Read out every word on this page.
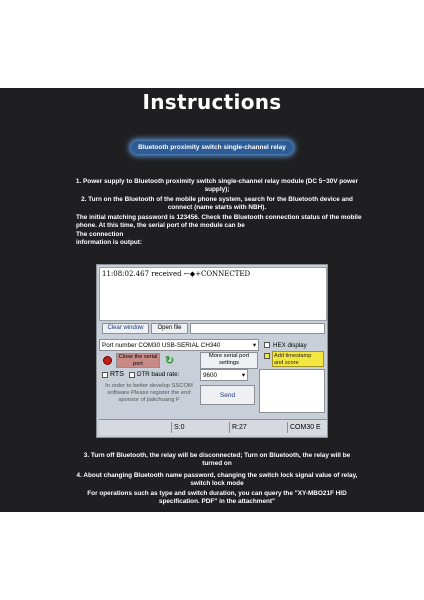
Instructions
Bluetooth proximity switch single-channel relay
1. Power supply to Bluetooth proximity switch single-channel relay module (DC 5~30V power supply);
2. Turn on the Bluetooth of the mobile phone system, search for the Bluetooth device and connect (name starts with NBH).
The initial matching password is 123456. Check the Bluetooth connection status of the mobile phone. At this time, the serial port of the module can be
The connection information is output:
11:08:02.467 received ←◆+CONNECTED
Clear window	Open file
Port number COM30 USB-SERIAL CH340	▾	HEX display
Close the serial port	↻	More serial port settings
Add timestamp and score
RTS DTR baud rate:	9600	▾
In order to better develop SSCOM software Please register the end sponsor of jialichuang F
Send
S:0	R:27	COM30 E
3. Turn off Bluetooth, the relay will be disconnected; Turn on Bluetooth, the relay will be turned on
4. About changing Bluetooth name password, changing the switch lock signal value of relay, switch lock mode
For operations such as type and switch duration, you can query the "XY-MBO21F HID specification. PDF" in the attachment"
